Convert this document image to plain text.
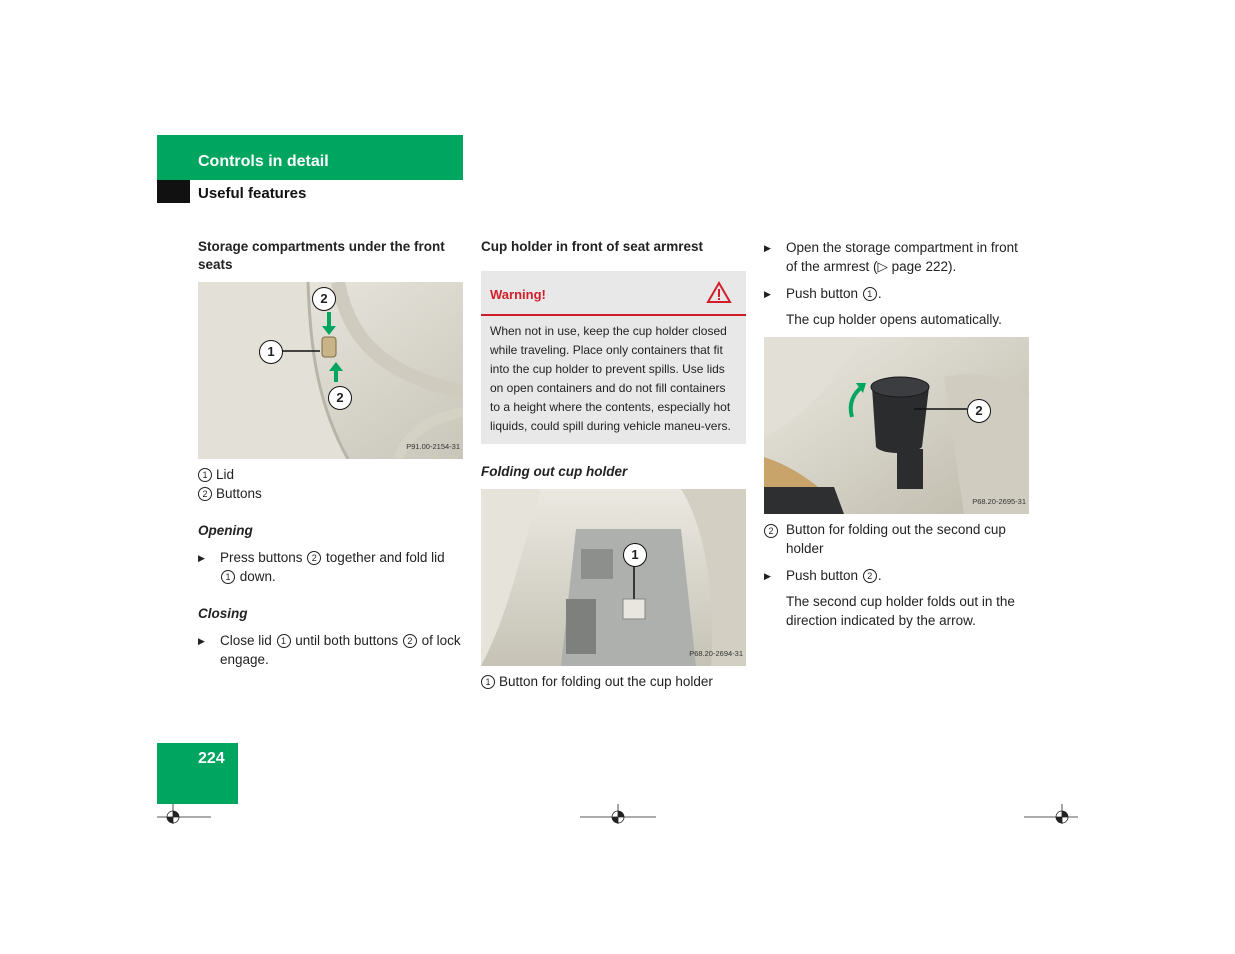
Controls in detail
Useful features
Storage compartments under the front seats
2
1
2
P91.00-2154-31
1 Lid
2 Buttons
Opening
▶ Press buttons 2 together and fold lid 1 down.
Closing
▶ Close lid 1 until both buttons 2 of lock engage.
Cup holder in front of seat armrest
Warning!
When not in use, keep the cup holder closed while traveling. Place only containers that fit into the cup holder to prevent spills. Use lids on open containers and do not fill containers to a height where the contents, especially hot liquids, could spill during vehicle maneu-vers.
Folding out cup holder
1
P68.20-2694-31
1 Button for folding out the cup holder
▶ Open the storage compartment in front of the armrest (▷ page 222).
▶ Push button 1 .
The cup holder opens automatically.
2
P68.20-2695-31
2 Button for folding out the second cup holder
▶ Push button 2 .
The second cup holder folds out in the direction indicated by the arrow.
224
